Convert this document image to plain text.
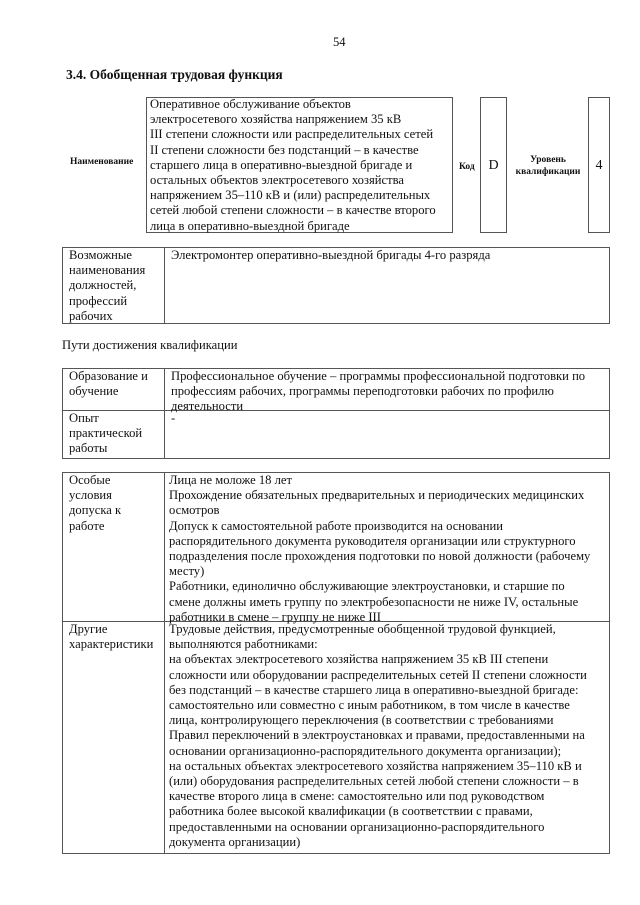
54
3.4. Обобщенная трудовая функция
Наименование
Оперативное обслуживание объектов
электросетевого хозяйства напряжением 35 кВ
III степени сложности или распределительных сетей
II степени сложности без подстанций – в качестве
старшего лица в оперативно-выездной бригаде и
остальных объектов электросетевого хозяйства
напряжением 35–110 кВ и (или) распределительных
сетей любой степени сложности – в качестве второго
лица в оперативно-выездной бригаде
Код D	Уровень
квалификации	4
Возможные
наименования
должностей,
профессий
рабочих
Электромонтер оперативно-выездной бригады 4-го разряда
Пути достижения квалификации
Образование и
обучение
Профессиональное обучение – программы профессиональной подготовки по
профессиям рабочих, программы переподготовки рабочих по профилю
деятельности
Опыт
практической
работы
-
Особые
условия
допуска к
работе
Лица не моложе 18 лет
Прохождение обязательных предварительных и периодических медицинских
осмотров
Допуск к самостоятельной работе производится на основании
распорядительного документа руководителя организации или структурного
подразделения после прохождения подготовки по новой должности (рабочему
месту)
Работники, единолично обслуживающие электроустановки, и старшие по
смене должны иметь группу по электробезопасности не ниже IV, остальные
работники в смене – группу не ниже III
Другие
характеристики
Трудовые действия, предусмотренные обобщенной трудовой функцией,
выполняются работниками:
на объектах электросетевого хозяйства напряжением 35 кВ III степени
сложности или оборудовании распределительных сетей II степени сложности
без подстанций – в качестве старшего лица в оперативно-выездной бригаде:
самостоятельно или совместно с иным работником, в том числе в качестве
лица, контролирующего переключения (в соответствии с требованиями
Правил переключений в электроустановках и правами, предоставленными на
основании организационно-распорядительного документа организации);
на остальных объектах электросетевого хозяйства напряжением 35–110 кВ и
(или) оборудования распределительных сетей любой степени сложности – в
качестве второго лица в смене: самостоятельно или под руководством
работника более высокой квалификации (в соответствии с правами,
предоставленными на основании организационно-распорядительного
документа организации)
